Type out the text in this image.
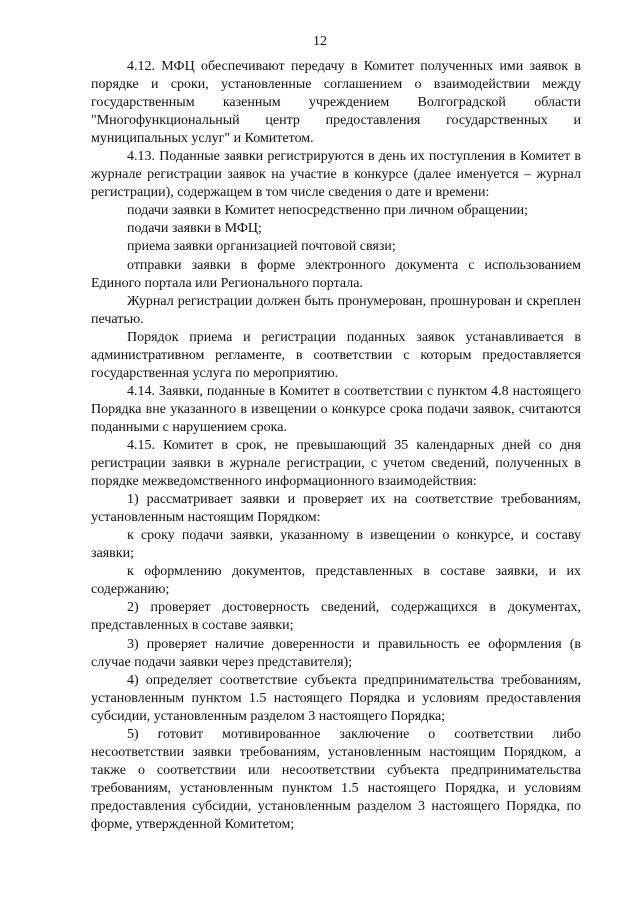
12

4.12. МФЦ обеспечивают передачу в Комитет полученных ими заявок в порядке и сроки, установленные соглашением о взаимодействии между государственным казенным учреждением Волгоградской области "Многофункциональный центр предоставления государственных и муниципальных услуг" и Комитетом.

4.13. Поданные заявки регистрируются в день их поступления в Комитет в журнале регистрации заявок на участие в конкурсе (далее именуется – журнал регистрации), содержащем в том числе сведения о дате и времени:

подачи заявки в Комитет непосредственно при личном обращении;

подачи заявки в МФЦ;

приема заявки организацией почтовой связи;

отправки заявки в форме электронного документа с использованием Единого портала или Регионального портала.

Журнал регистрации должен быть пронумерован, прошнурован и скреплен печатью.

Порядок приема и регистрации поданных заявок устанавливается в административном регламенте, в соответствии с которым предоставляется государственная услуга по мероприятию.

4.14. Заявки, поданные в Комитет в соответствии с пунктом 4.8 настоящего Порядка вне указанного в извещении о конкурсе срока подачи заявок, считаются поданными с нарушением срока.

4.15. Комитет в срок, не превышающий 35 календарных дней со дня регистрации заявки в журнале регистрации, с учетом сведений, полученных в порядке межведомственного информационного взаимодействия:

1) рассматривает заявки и проверяет их на соответствие требованиям, установленным настоящим Порядком:

к сроку подачи заявки, указанному в извещении о конкурсе, и составу заявки;

к оформлению документов, представленных в составе заявки, и их содержанию;

2) проверяет достоверность сведений, содержащихся в документах, представленных в составе заявки;

3) проверяет наличие доверенности и правильность ее оформления (в случае подачи заявки через представителя);

4) определяет соответствие субъекта предпринимательства требованиям, установленным пунктом 1.5 настоящего Порядка и условиям предоставления субсидии, установленным разделом 3 настоящего Порядка;

5) готовит мотивированное заключение о соответствии либо несоответствии заявки требованиям, установленным настоящим Порядком, а также о соответствии или несоответствии субъекта предпринимательства требованиям, установленным пунктом 1.5 настоящего Порядка, и условиям предоставления субсидии, установленным разделом 3 настоящего Порядка, по форме, утвержденной Комитетом;
